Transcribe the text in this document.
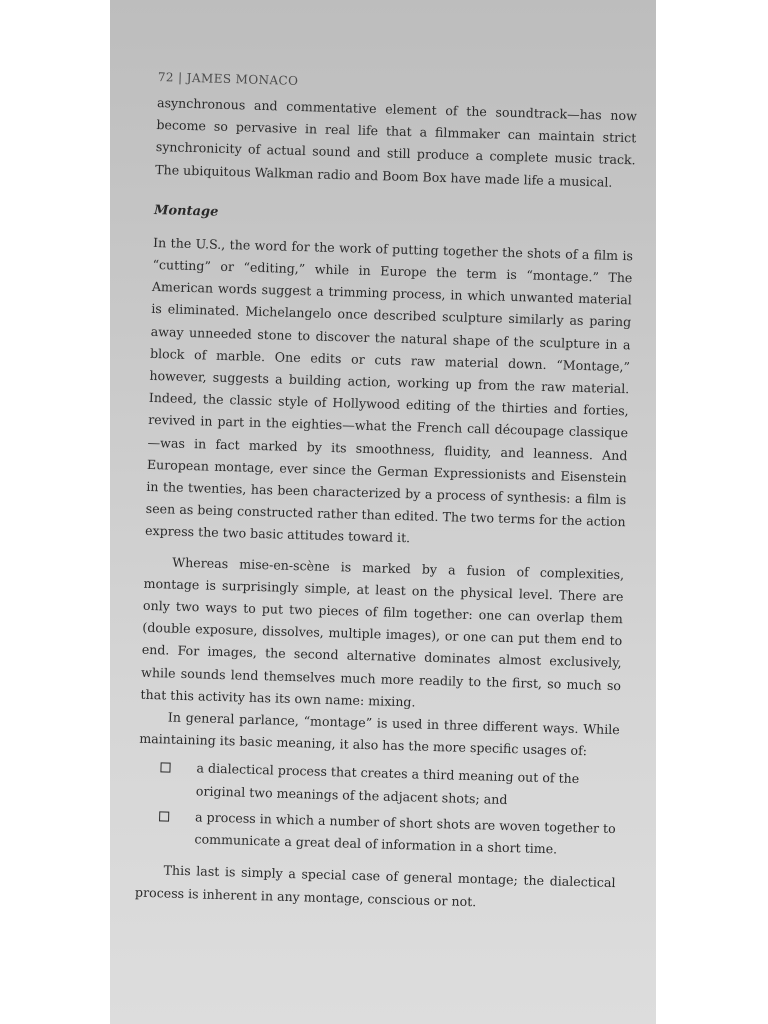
72 | JAMES MONACO

asynchronous and commentative element of the soundtrack—has now become so pervasive in real life that a filmmaker can maintain strict synchronicity of actual sound and still produce a complete music track. The ubiquitous Walkman radio and Boom Box have made life a musical.

Montage

In the U.S., the word for the work of putting together the shots of a film is “cutting” or “editing,” while in Europe the term is “montage.” The American words suggest a trimming process, in which unwanted material is eliminated. Michelangelo once described sculpture similarly as paring away unneeded stone to discover the natural shape of the sculpture in a block of marble. One edits or cuts raw material down. “Montage,” however, suggests a building action, working up from the raw material. Indeed, the classic style of Hollywood editing of the thirties and forties, revived in part in the eighties—what the French call découpage classique—was in fact marked by its smoothness, fluidity, and leanness. And European montage, ever since the German Expressionists and Eisenstein in the twenties, has been characterized by a process of synthesis: a film is seen as being constructed rather than edited. The two terms for the action express the two basic attitudes toward it.

Whereas mise-en-scène is marked by a fusion of complexities, montage is surprisingly simple, at least on the physical level. There are only two ways to put two pieces of film together: one can overlap them (double exposure, dissolves, multiple images), or one can put them end to end. For images, the second alternative dominates almost exclusively, while sounds lend themselves much more readily to the first, so much so that this activity has its own name: mixing.

In general parlance, “montage” is used in three different ways. While maintaining its basic meaning, it also has the more specific usages of:

a dialectical process that creates a third meaning out of the original two meanings of the adjacent shots; and
a process in which a number of short shots are woven together to communicate a great deal of information in a short time.

This last is simply a special case of general montage; the dialectical process is inherent in any montage, conscious or not.
